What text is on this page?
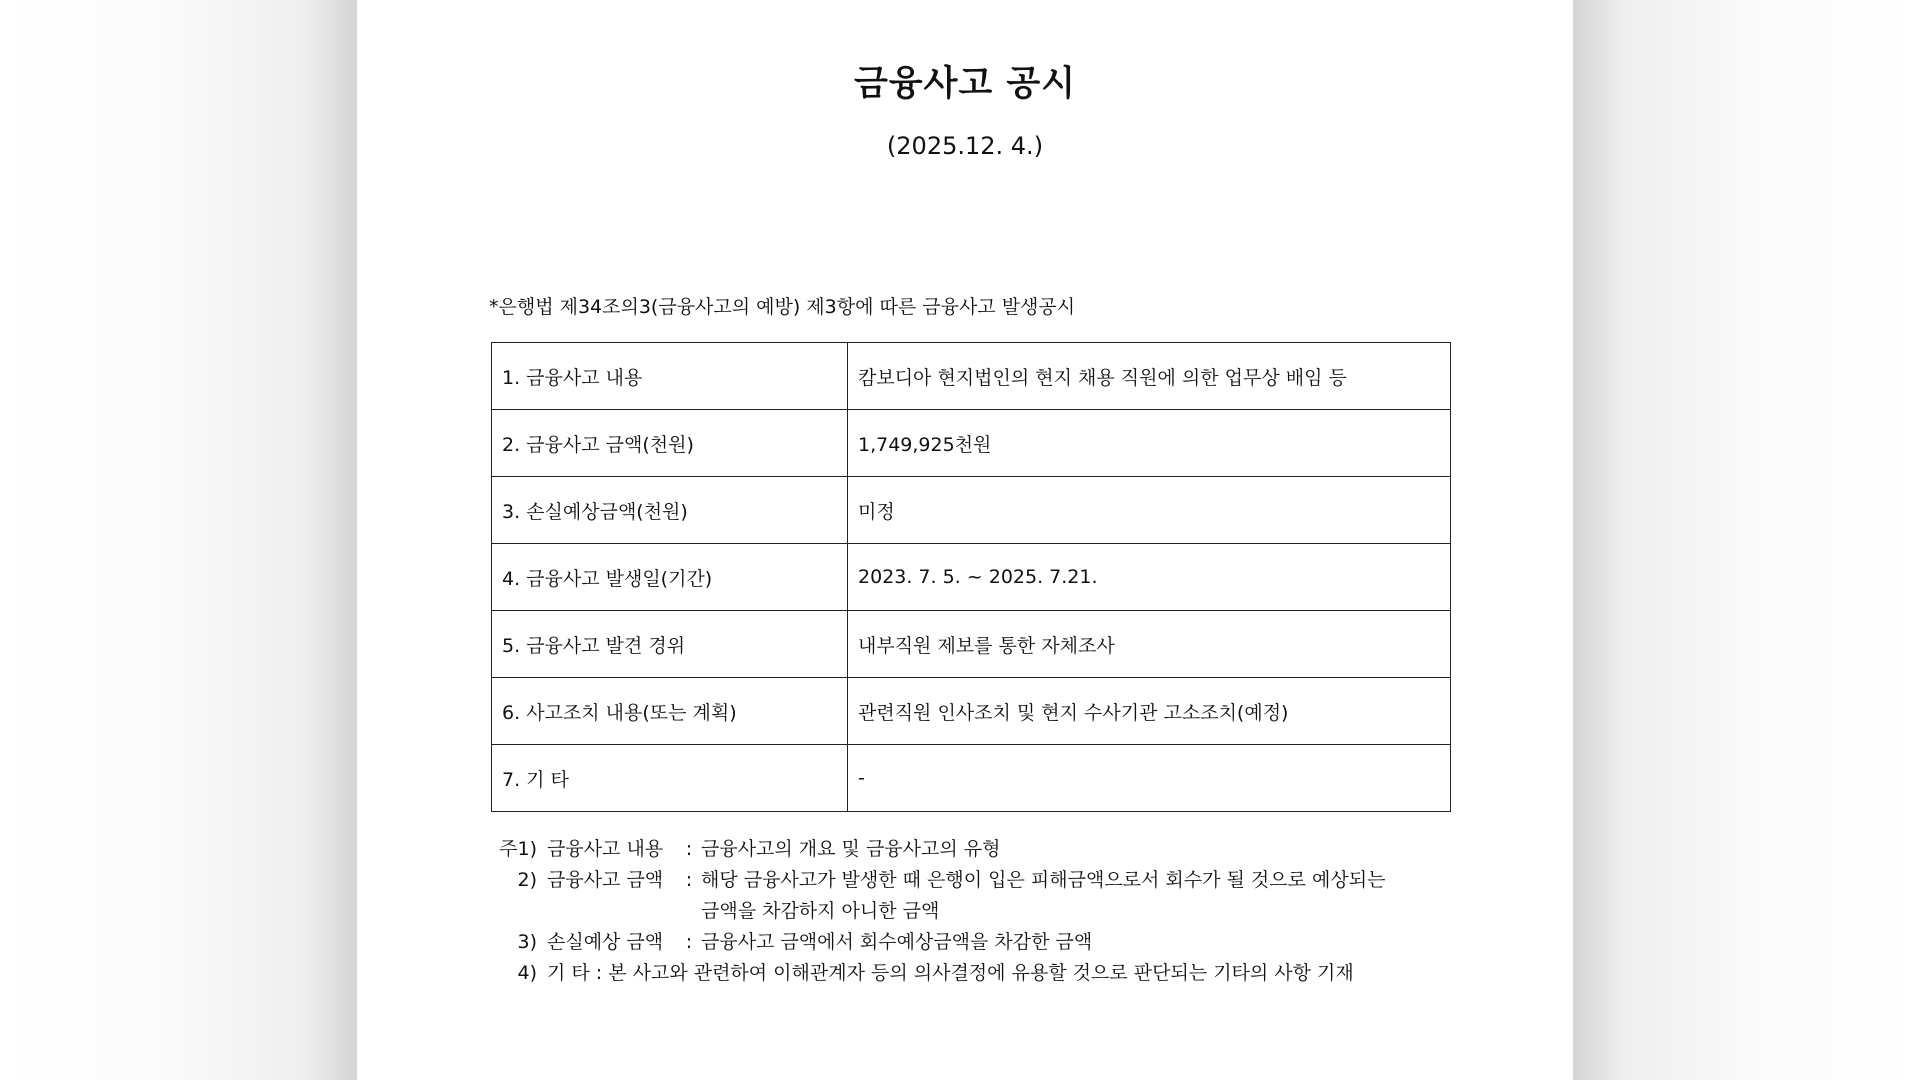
금융사고 공시
(2025.12. 4.)
*은행법 제34조의3(금융사고의 예방) 제3항에 따른 금융사고 발생공시
1. 금융사고 내용	캄보디아 현지법인의 현지 채용 직원에 의한 업무상 배임 등
2. 금융사고 금액(천원)	1,749,925천원
3. 손실예상금액(천원)	미정
4. 금융사고 발생일(기간)	2023. 7. 5. ~ 2025. 7.21.
5. 금융사고 발견 경위	내부직원 제보를 통한 자체조사
6. 사고조치 내용(또는 계획)	관련직원 인사조치 및 현지 수사기관 고소조치(예정)
7. 기 타	-
주1) 금융사고 내용	: 금융사고의 개요 및 금융사고의 유형
2) 금융사고 금액	: 해당 금융사고가 발생한 때 은행이 입은 피해금액으로서 회수가 될 것으로 예상되는
금액을 차감하지 아니한 금액
3) 손실예상 금액	: 금융사고 금액에서 회수예상금액을 차감한 금액
4) 기 타 : 본 사고와 관련하여 이해관계자 등의 의사결정에 유용할 것으로 판단되는 기타의 사항 기재
